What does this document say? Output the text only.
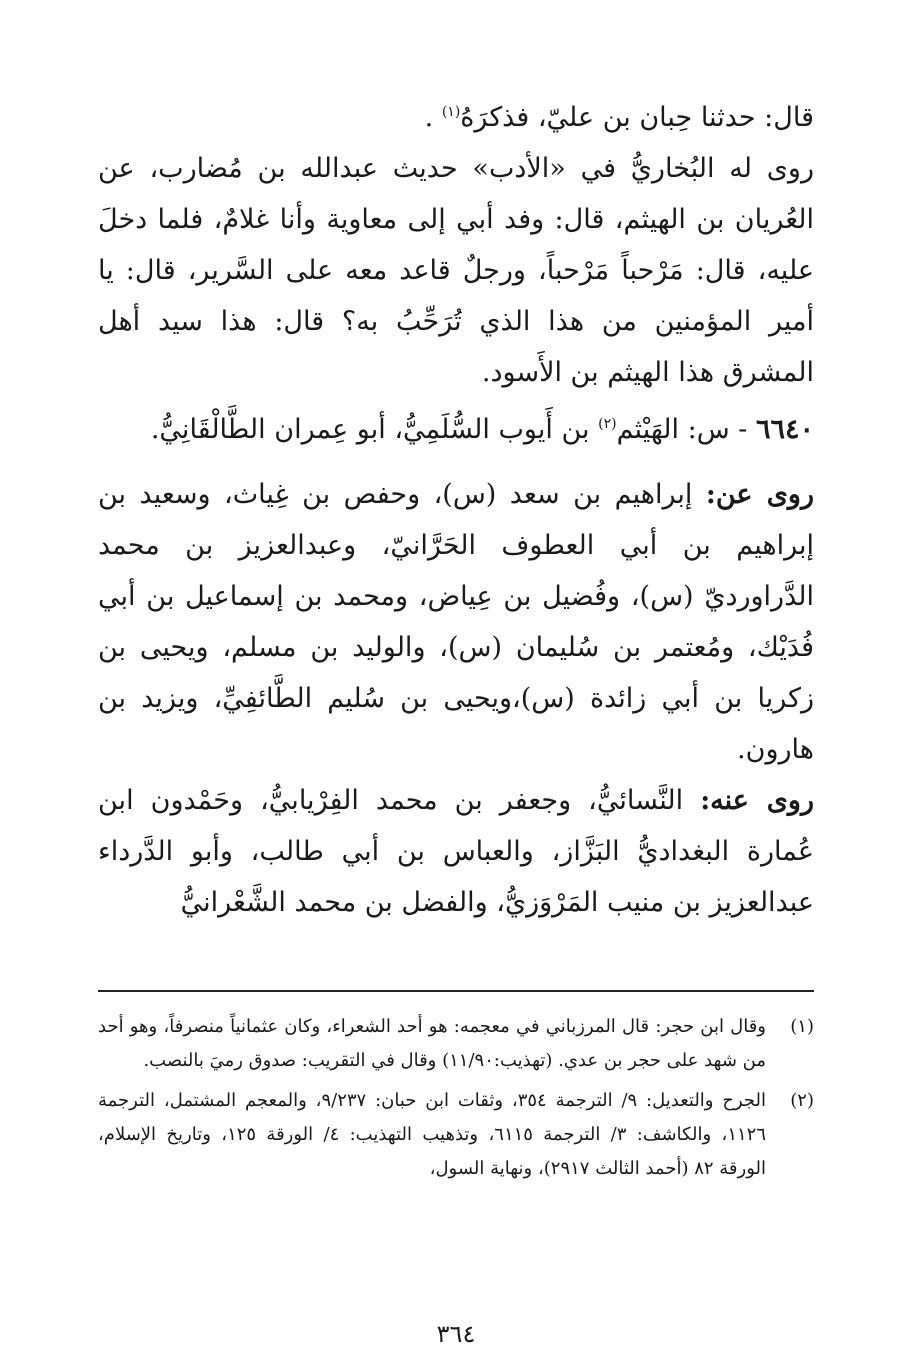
قال: حدثنا حِبان بن عليّ، فذكرَهُ$^{(١)}$ .

روى له البُخاريُّ في «الأدب» حديث عبدالله بن مُضارب، عن العُريان بن الهيثم، قال: وفد أبي إلى معاوية وأنا غلامٌ، فلما دخلَ عليه، قال: مَرْحباً مَرْحباً، ورجلٌ قاعد معه على السَّرير، قال: يا أمير المؤمنين من هذا الذي تُرَحِّبُ به؟ قال: هذا سيد أهل المشرق هذا الهيثم بن الأَسود.

٦٦٤٠ - س: الهَيْثم$^{(٢)}$ بن أَيوب السُّلَمِيُّ، أبو عِمران الطَّالْقَانِيُّ.

روى عن: إبراهيم بن سعد (س)، وحفص بن غِياث، وسعيد بن إبراهيم بن أبي العطوف الحَرَّانيّ، وعبدالعزيز بن محمد الدَّراورديّ (س)، وفُضيل بن عِياض، ومحمد بن إسماعيل بن أبي فُدَيْك، ومُعتمر بن سُليمان (س)، والوليد بن مسلم، ويحيى بن زكريا بن أبي زائدة (س)،ويحيى بن سُليم الطَّائفِيِّ، ويزيد بن هارون.

روى عنه: النَّسائيُّ، وجعفر بن محمد الفِرْيابيُّ، وحَمْدون ابن عُمارة البغداديُّ البَزَّاز، والعباس بن أبي طالب، وأبو الدَّرداء عبدالعزيز بن منيب المَرْوَزيُّ، والفضل بن محمد الشَّعْرانيُّ

(١)
وقال ابن حجر: قال المرزباني في معجمه: هو أحد الشعراء، وكان عثمانياً منصرفاً، وهو أحد من شهد على حجر بن عدي. (تهذيب:١١/٩٠) وقال في التقريب: صدوق رميَ بالنصب.
(٢)
الجرح والتعديل: ٩/ الترجمة ٣٥٤، وثقات ابن حبان: ٩/٢٣٧، والمعجم المشتمل، الترجمة ١١٢٦، والكاشف: ٣/ الترجمة ٦١١٥، وتذهيب التهذيب: ٤/ الورقة ١٢٥، وتاريخ الإسلام، الورقة ٨٢ (أحمد الثالث ٢٩١٧)، ونهاية السول،
٣٦٤
